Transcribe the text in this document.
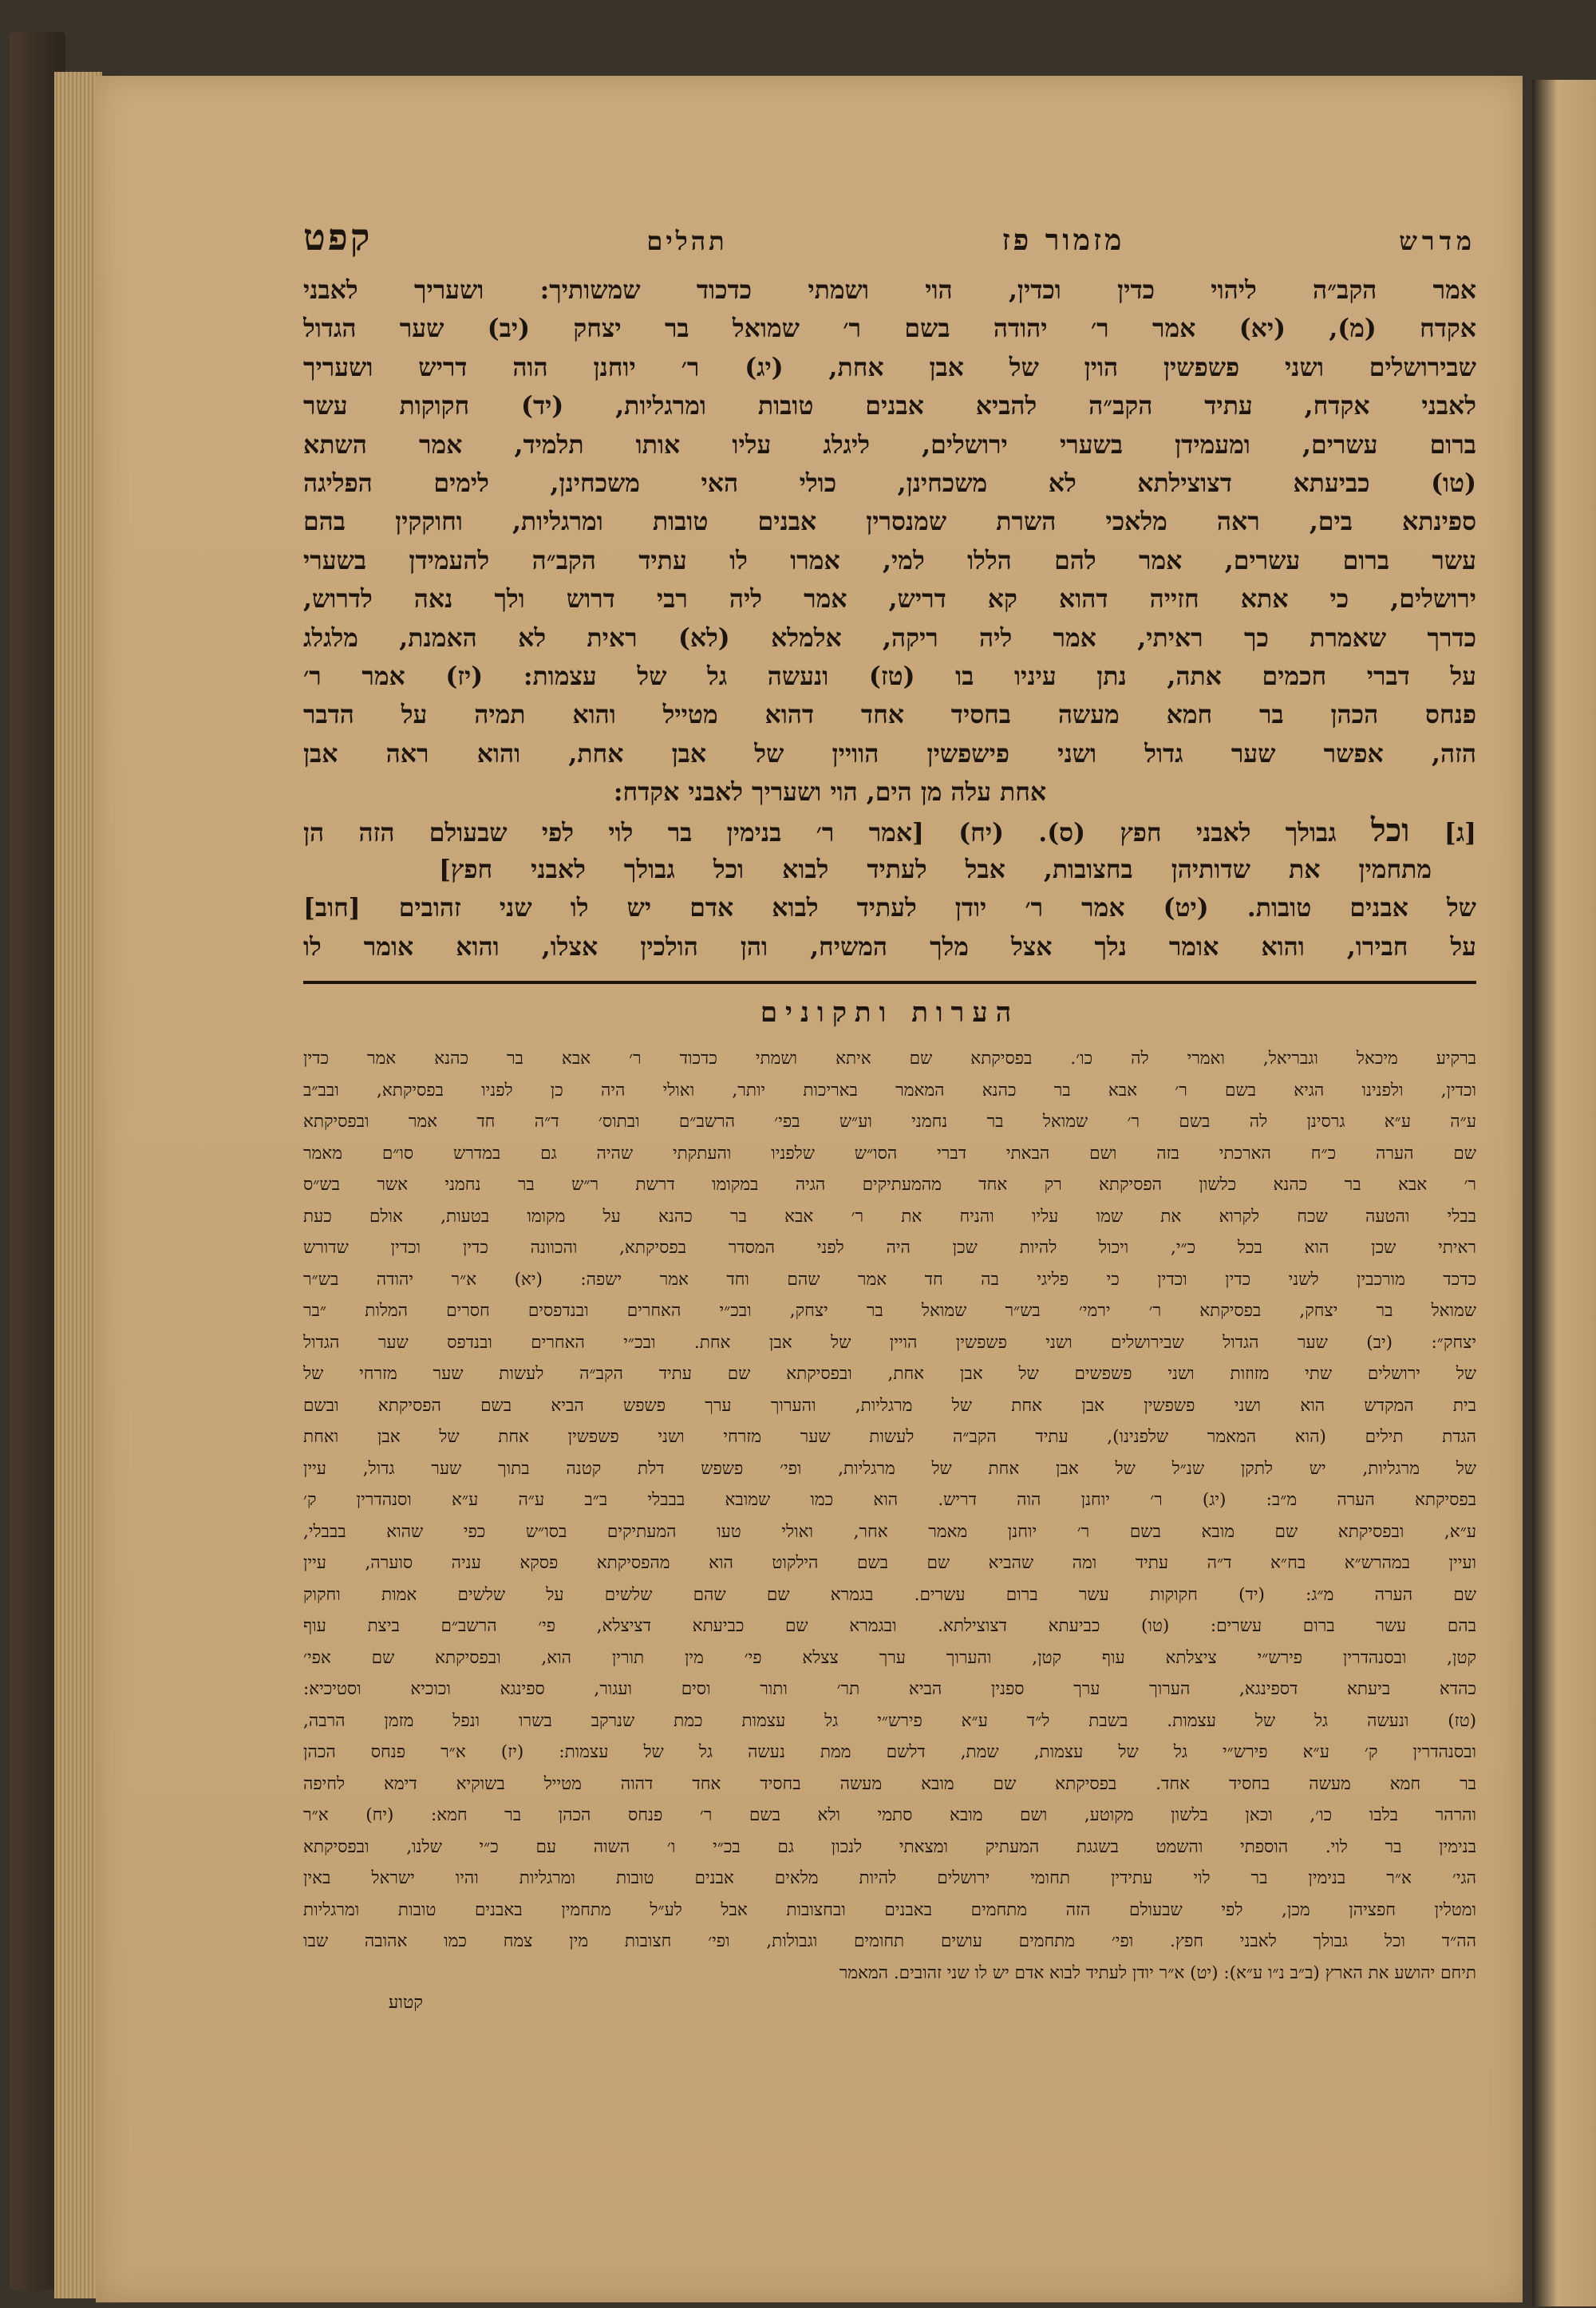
מדרש
מזמור פז
תהלים
קפט
אמר הקב״ה ליהוי כדין וכדין, הוי ושמתי כדכוד שמשותיך: ושעריך לאבני
אקדח (מ), (יא) אמר ר׳ יהודה בשם ר׳ שמואל בר יצחק (יב) שער הגדול
שבירושלים ושני פשפשין הוין של אבן אחת, (יג) ר׳ יוחנן הוה דריש ושעריך
לאבני אקדח, עתיד הקב״ה להביא אבנים טובות ומרגליות, (יד) חקוקות עשר
ברום עשרים, ומעמידן בשערי ירושלים, ליגלג עליו אותו תלמיד, אמר השתא
(טו) כביעתא דצוצילתא לא משכחינן, כולי האי משכחינן, לימים הפליגה
ספינתא בים, ראה מלאכי השרת שמנסרין אבנים טובות ומרגליות, וחוקקין בהם
עשר ברום עשרים, אמר להם הללו למי, אמרו לו עתיד הקב״ה להעמידן בשערי
ירושלים, כי אתא חזייה דהוא קא דריש, אמר ליה רבי דרוש ולך נאה לדרוש,
כדרך שאמרת כך ראיתי, אמר ליה ריקה, אלמלא (לא) ראית לא האמנת, מלגלג
על דברי חכמים אתה, נתן עיניו בו (טז) ונעשה גל של עצמות: (יז) אמר ר׳
פנחס הכהן בר חמא מעשה בחסיד אחד דהוא מטייל והוא תמיה על הדבר
הזה, אפשר שער גדול ושני פישפשין הוויין של אבן אחת, והוא ראה אבן
אחת עלה מן הים, הוי ושעריך לאבני אקדח:
[ג] וכל גבולך לאבני חפץ (ס). (יח) [אמר ר׳ בנימין בר לוי לפי שבעולם הזה הן
מתחמין את שדותיהן בחצובות, אבל לעתיד לבוא וכל גבולך לאבני חפץ]
של אבנים טובות. (יט) אמר ר׳ יודן לעתיד לבוא אדם יש לו שני זהובים [חוב]
על חבירו, והוא אומר נלך אצל מלך המשיח, והן הולכין אצלו, והוא אומר לו
הערות ותקונים
ברקיע מיכאל וגבריאל, ואמרי לה כו׳. בפסיקתא שם איתא ושמתי כדכוד ר׳ אבא בר כהנא אמר כדין
וכדין, ולפנינו הגיא בשם ר׳ אבא בר כהנא המאמר באריכות יותר, ואולי היה כן לפניו בפסיקתא, ובב״ב
ע״ה ע״א גרסינן לה בשם ר׳ שמואל בר נחמני וע״ש בפי׳ הרשב״ם ובתוס׳ ד״ה חד אמר ובפסיקתא
שם הערה כ״ח הארכתי בזה ושם הבאתי דברי הסו״ש שלפניו והעתקתי שהיה גם במדרש סו״ם מאמר
ר׳ אבא בר כהנא כלשון הפסיקתא רק אחד מהמעתיקים הגיה במקומו דרשת ר״ש בר נחמני אשר בש״ס
בבלי והטעה שכח לקרוא את שמו עליו והניח את ר׳ אבא בר כהנא על מקומו בטעות, אולם כעת
ראיתי שכן הוא בכל כ״י, ויכול להיות שכן היה לפני המסדר בפסיקתא, והכוונה כדין וכדין שדורש
כדכד מורכבין לשני כדין וכדין כי פליגי בה חד אמר שהם וחד אמר ישפה: (יא) א״ר יהודה בש״ר
שמואל בר יצחק, בפסיקתא ר׳ ירמי׳ בש״ר שמואל בר יצחק, ובכ״י האחרים ובנדפסים חסרים המלות ״בר
יצחק״: (יב) שער הגדול שבירושלים ושני פשפשין הויין של אבן אחת. ובכ״י האחרים ובנדפס שער הגדול
של ירושלים שתי מזוזות ושני פשפשים של אבן אחת, ובפסיקתא שם עתיד הקב״ה לעשות שער מזרחי של
בית המקדש הוא ושני פשפשין אבן אחת של מרגליות, והערוך ערך פשפש הביא בשם הפסיקתא ובשם
הגדת תילים (הוא המאמר שלפנינו), עתיד הקב״ה לעשות שער מזרחי ושני פשפשין אחת של אבן ואחת
של מרגליות, יש לתקן שנ״ל של אבן אחת של מרגליות, ופי׳ פשפש דלת קטנה בתוך שער גדול, עיין
בפסיקתא הערה מ״ב: (יג) ר׳ יוחנן הוה דריש. הוא כמו שמובא בבבלי ב״ב ע״ה ע״א וסנהדרין ק׳
ע״א, ובפסיקתא שם מובא בשם ר׳ יוחנן מאמר אחר, ואולי טעו המעתיקים בסו״ש כפי שהוא בבבלי,
ועיין במהרש״א בח״א ד״ה עתיד ומה שהביא שם בשם הילקוט הוא מהפסיקתא פסקא עניה סוערה, עיין
שם הערה מ״ג: (יד) חקוקות עשר ברום עשרים. בגמרא שם שהם שלשים על שלשים אמות וחקוק
בהם עשר ברום עשרים: (טו) כביעתא דצוצילתא. ובגמרא שם כביעתא דציצלא, פי׳ הרשב״ם ביצת עוף
קטן, ובסנהדרין פירש״י ציצלתא עוף קטן, והערוך ערך צצלא פי׳ מין תורין הוא, ובפסיקתא שם אפי׳
כהדא ביעתא דספינגא, הערוך ערך ספנין הביא תר׳ ותור וסים ועגור, ספינגא וכוכיא וסטיכיא:
(טז) ונעשה גל של עצמות. בשבת ל״ד ע״א פירש״י גל עצמות כמת שנרקב בשרו ונפל מזמן הרבה,
ובסנהדרין ק׳ ע״א פירש״י גל של עצמות, שמת, דלשם ממת נעשה גל של עצמות: (יז) א״ר פנחס הכהן
בר חמא מעשה בחסיד אחד. בפסיקתא שם מובא מעשה בחסיד אחד דהוה מטייל בשוקיא דימא לחיפה
והרהר בלבו כו׳, וכאן בלשון מקוטע, ושם מובא סתמי ולא בשם ר׳ פנחס הכהן בר חמא: (יח) א״ר
בנימין בר לוי. הוספתי והשמט בשגגת המעתיק ומצאתי לנכון גם בכ״י ו׳ השוה עם כ״י שלנו, ובפסיקתא
הגי׳ א״ר בנימין בר לוי עתידין תחומי ירושלים להיות מלאים אבנים טובות ומרגליות והיו ישראל באין
ומטלין חפציהן מכן, לפי שבעולם הזה מתחמים באבנים ובחצובות אבל לע״ל מתחמין באבנים טובות ומרגליות
הה״ד וכל גבולך לאבני חפץ. ופי׳ מתחמים עושים תחומים וגבולות, ופי׳ חצובות מין צמח כמו אהובה שבו
תיחם יהושע את הארץ (ב״ב נ״ו ע״א): (יט) א״ר יודן לעתיד לבוא אדם יש לו שני זהובים. המאמר
קטוע
